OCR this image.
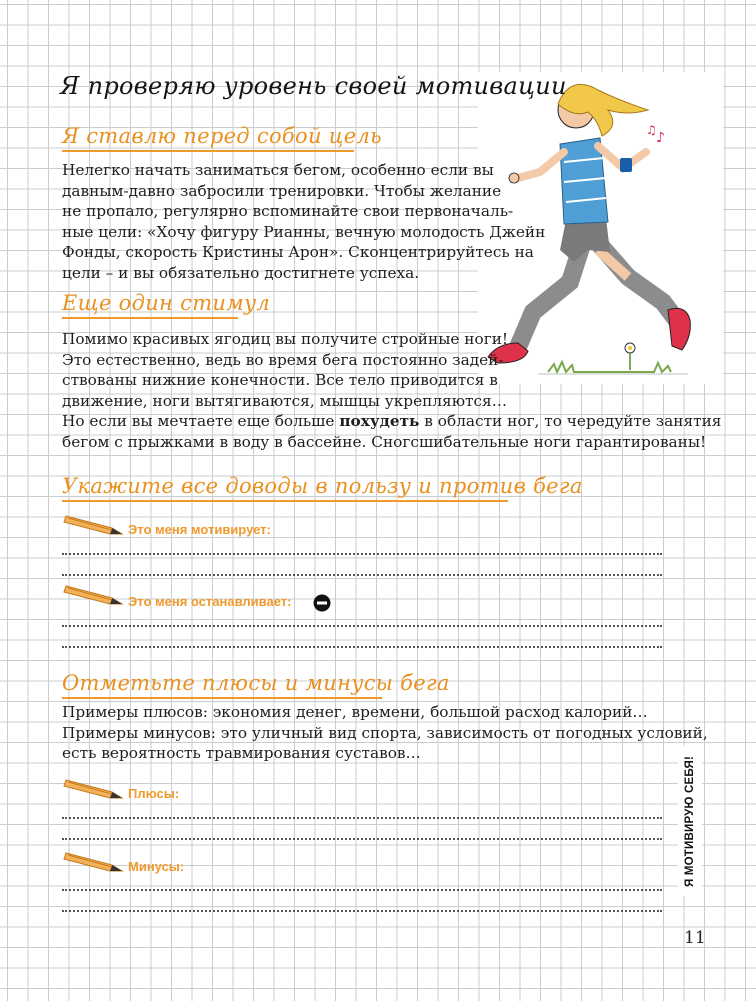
♪
♫
Я проверяю уровень своей мотивации
Я ставлю перед собой цель

Нелегко начать заниматься бегом, особенно если вы

давным-давно забросили тренировки. Чтобы желание

не пропало, регулярно вспоминайте свои первоначаль-

ные цели: «Хочу фигуру Рианны, вечную молодость Джейн

Фонды, скорость Кристины Арон». Сконцентрируйтесь на

цели – и вы обязательно достигнете успеха.

Еще один стимул

Помимо красивых ягодиц вы получите стройные ноги!

Это естественно, ведь во время бега постоянно задей-

ствованы нижние конечности. Все тело приводится в

движение, ноги вытягиваются, мышцы укрепляются…

Но если вы мечтаете еще больше похудеть в области ног, то чередуйте занятия

бегом с прыжками в воду в бассейне. Сногсшибательные ноги гарантированы!

Укажите все доводы в пользу и против бега
Это меня мотивирует:
Это меня останавливает:
Отметьте плюсы и минусы бега

Примеры плюсов: экономия денег, времени, большой расход калорий…

Примеры минусов: это уличный вид спорта, зависимость от погодных условий,

есть вероятность травмирования суставов…

Плюсы:
Минусы:	Я МОТИВИРУЮ СЕБЯ!
11
